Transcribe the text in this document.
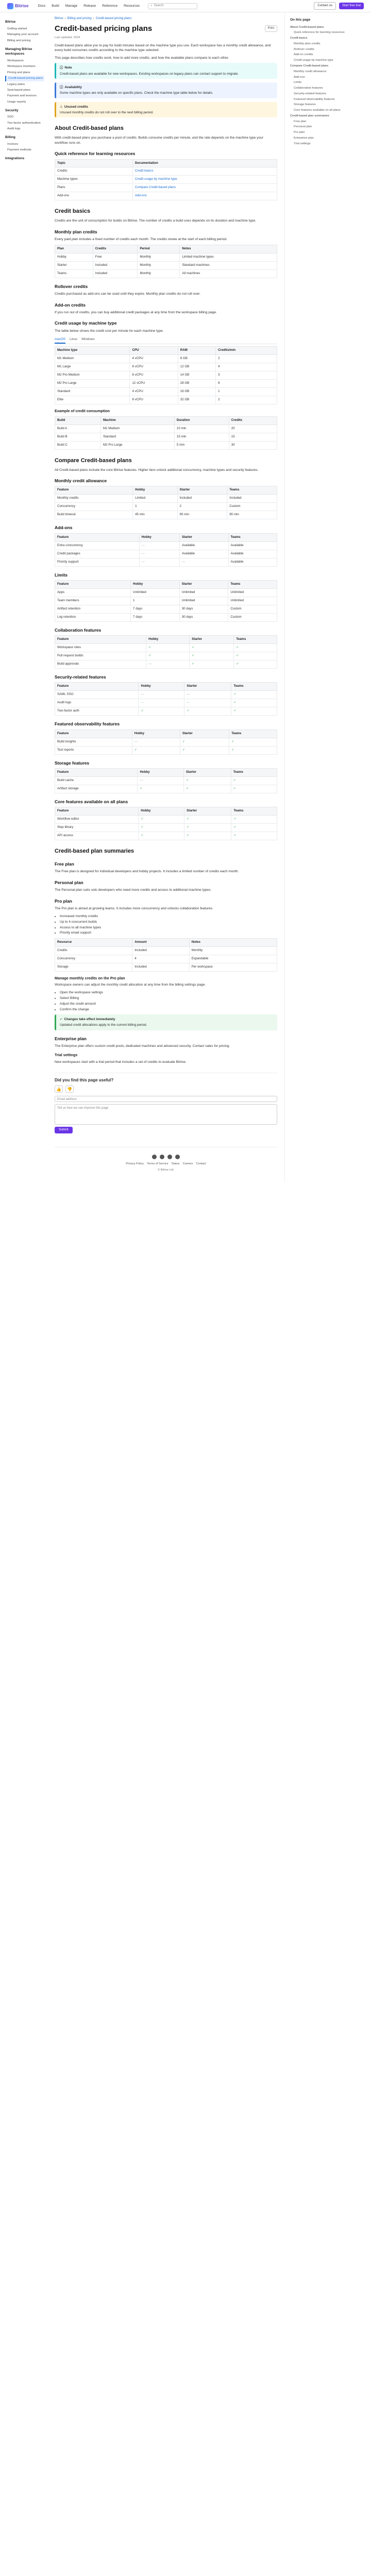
Bitrise	Docs Build Manage Release Reference Resources	⌕ Search	Contact us	Start free trial
Bitrise
Getting started
Managing your account
Billing and pricing
Managing Bitrise workspaces
Workspaces
Workspace members
Pricing and plans
Credit-based pricing plans
Legacy plans
Seat-based plans
Payment and invoices
Usage reports
Security
SSO
Two-factor authentication
Audit logs
Billing
Invoices
Payment methods
Integrations
Bitrise › Billing and pricing › Credit-based pricing plans
Credit-based pricing plans	Print
Last updated: 2024

Credit-based plans allow you to pay for build minutes based on the machine type you use. Each workspace has a monthly credit allowance, and every build consumes credits according to the machine type selected.

This page describes how credits work, how to add more credits, and how the available plans compare to each other.

ⓘ Note
Credit-based plans are available for new workspaces. Existing workspaces on legacy plans can contact support to migrate.
ⓘ Availability
Some machine types are only available on specific plans. Check the machine type table below for details.
⚠ Unused credits
Unused monthly credits do not roll over to the next billing period.
About Credit-based plans

With credit-based plans you purchase a pool of credits. Builds consume credits per minute, and the rate depends on the machine type your workflow runs on.

Quick reference for learning resources
Topic	Documentation
Credits	Credit basics
Machine types	Credit usage by machine type
Plans	Compare Credit-based plans
Add-ons	Add-ons
Credit basics

Credits are the unit of consumption for builds on Bitrise. The number of credits a build uses depends on its duration and machine type.

Monthly plan credits

Every paid plan includes a fixed number of credits each month. The credits renew at the start of each billing period.

Plan	Credits	Period	Notes
Hobby	Free	Monthly	Limited machine types
Starter	Included	Monthly	Standard machines
Teams	Included	Monthly	All machines
Rollover credits

Credits purchased as add-ons can be used until they expire. Monthly plan credits do not roll over.

Add-on credits

If you run out of credits, you can buy additional credit packages at any time from the workspace billing page.

Credit usage by machine type

The table below shows the credit cost per minute for each machine type.

macOS Linux Windows
Machine type	CPU	RAM	Credits/min
M1 Medium	4 vCPU	6 GB	2
M1 Large	8 vCPU	12 GB	4
M2 Pro Medium	6 vCPU	14 GB	3
M2 Pro Large	12 vCPU	28 GB	6
Standard	4 vCPU	16 GB	1
Elite	8 vCPU	32 GB	2
Example of credit consumption
Build	Machine	Duration	Credits
Build A	M1 Medium	10 min	20
Build B	Standard	15 min	15
Build C	M2 Pro Large	5 min	30
Compare Credit-based plans

All Credit-based plans include the core Bitrise features. Higher tiers unlock additional concurrency, machine types and security features.

Monthly credit allowance
Feature	Hobby	Starter	Teams
Monthly credits	Limited	Included	Included
Concurrency	1	2	Custom
Build timeout	45 min	90 min	90 min
Add-ons
Feature	Hobby	Starter	Teams
Extra concurrency	—	Available	Available
Credit packages	—	Available	Available
Priority support	—	—	Available
Limits
Feature	Hobby	Starter	Teams
Apps	Unlimited	Unlimited	Unlimited
Team members	1	Unlimited	Unlimited
Artifact retention	7 days	30 days	Custom
Log retention	7 days	30 days	Custom
Collaboration features
Feature	Hobby	Starter	Teams
Workspace roles	✓	✓	✓
Pull request builds	✓	✓	✓
Build approvals	—	✓	✓
Security-related features
Feature	Hobby	Starter	Teams
SAML SSO	—	—	✓
Audit logs	—	—	✓
Two-factor auth	✓	✓	✓
Featured observability features
Feature	Hobby	Starter	Teams
Build insights	—	✓	✓
Test reports	✓	✓	✓
Storage features
Feature	Hobby	Starter	Teams
Build cache	—	✓	✓
Artifact storage	✓	✓	✓
Core features available on all plans
Feature	Hobby	Starter	Teams
Workflow editor	✓	✓	✓
Step library	✓	✓	✓
API access	✓	✓	✓
Credit-based plan summaries
Free plan

The Free plan is designed for individual developers and hobby projects. It includes a limited number of credits each month.

Personal plan

The Personal plan suits solo developers who need more credits and access to additional machine types.

Pro plan

The Pro plan is aimed at growing teams. It includes more concurrency and unlocks collaboration features.

• Increased monthly credits
• Up to 4 concurrent builds
• Access to all machine types
• Priority email support
Resource	Amount	Notes
Credits	Included	Monthly
Concurrency	4	Expandable
Storage	Included	Per workspace
Manage monthly credits on the Pro plan

Workspace owners can adjust the monthly credit allocation at any time from the billing settings page.

• Open the workspace settings
• Select Billing
• Adjust the credit amount
• Confirm the change
✓ Changes take effect immediately
Updated credit allocations apply to the current billing period.
Enterprise plan

The Enterprise plan offers custom credit pools, dedicated machines and advanced security. Contact sales for pricing.

Trial settings

New workspaces start with a trial period that includes a set of credits to evaluate Bitrise.

Did you find this page useful?
👍	👎
Email address
Tell us how we can improve this page
Submit
Privacy Policy Terms of Service Status Careers Contact
© Bitrise Ltd.
On this page
About Credit-based plans
Quick reference for learning resources
Credit basics
Monthly plan credits
Rollover credits
Add-on credits
Credit usage by machine type
Compare Credit-based plans
Monthly credit allowance
Add-ons
Limits
Collaboration features
Security-related features
Featured observability features
Storage features
Core features available on all plans
Credit-based plan summaries
Free plan
Personal plan
Pro plan
Enterprise plan
Trial settings
